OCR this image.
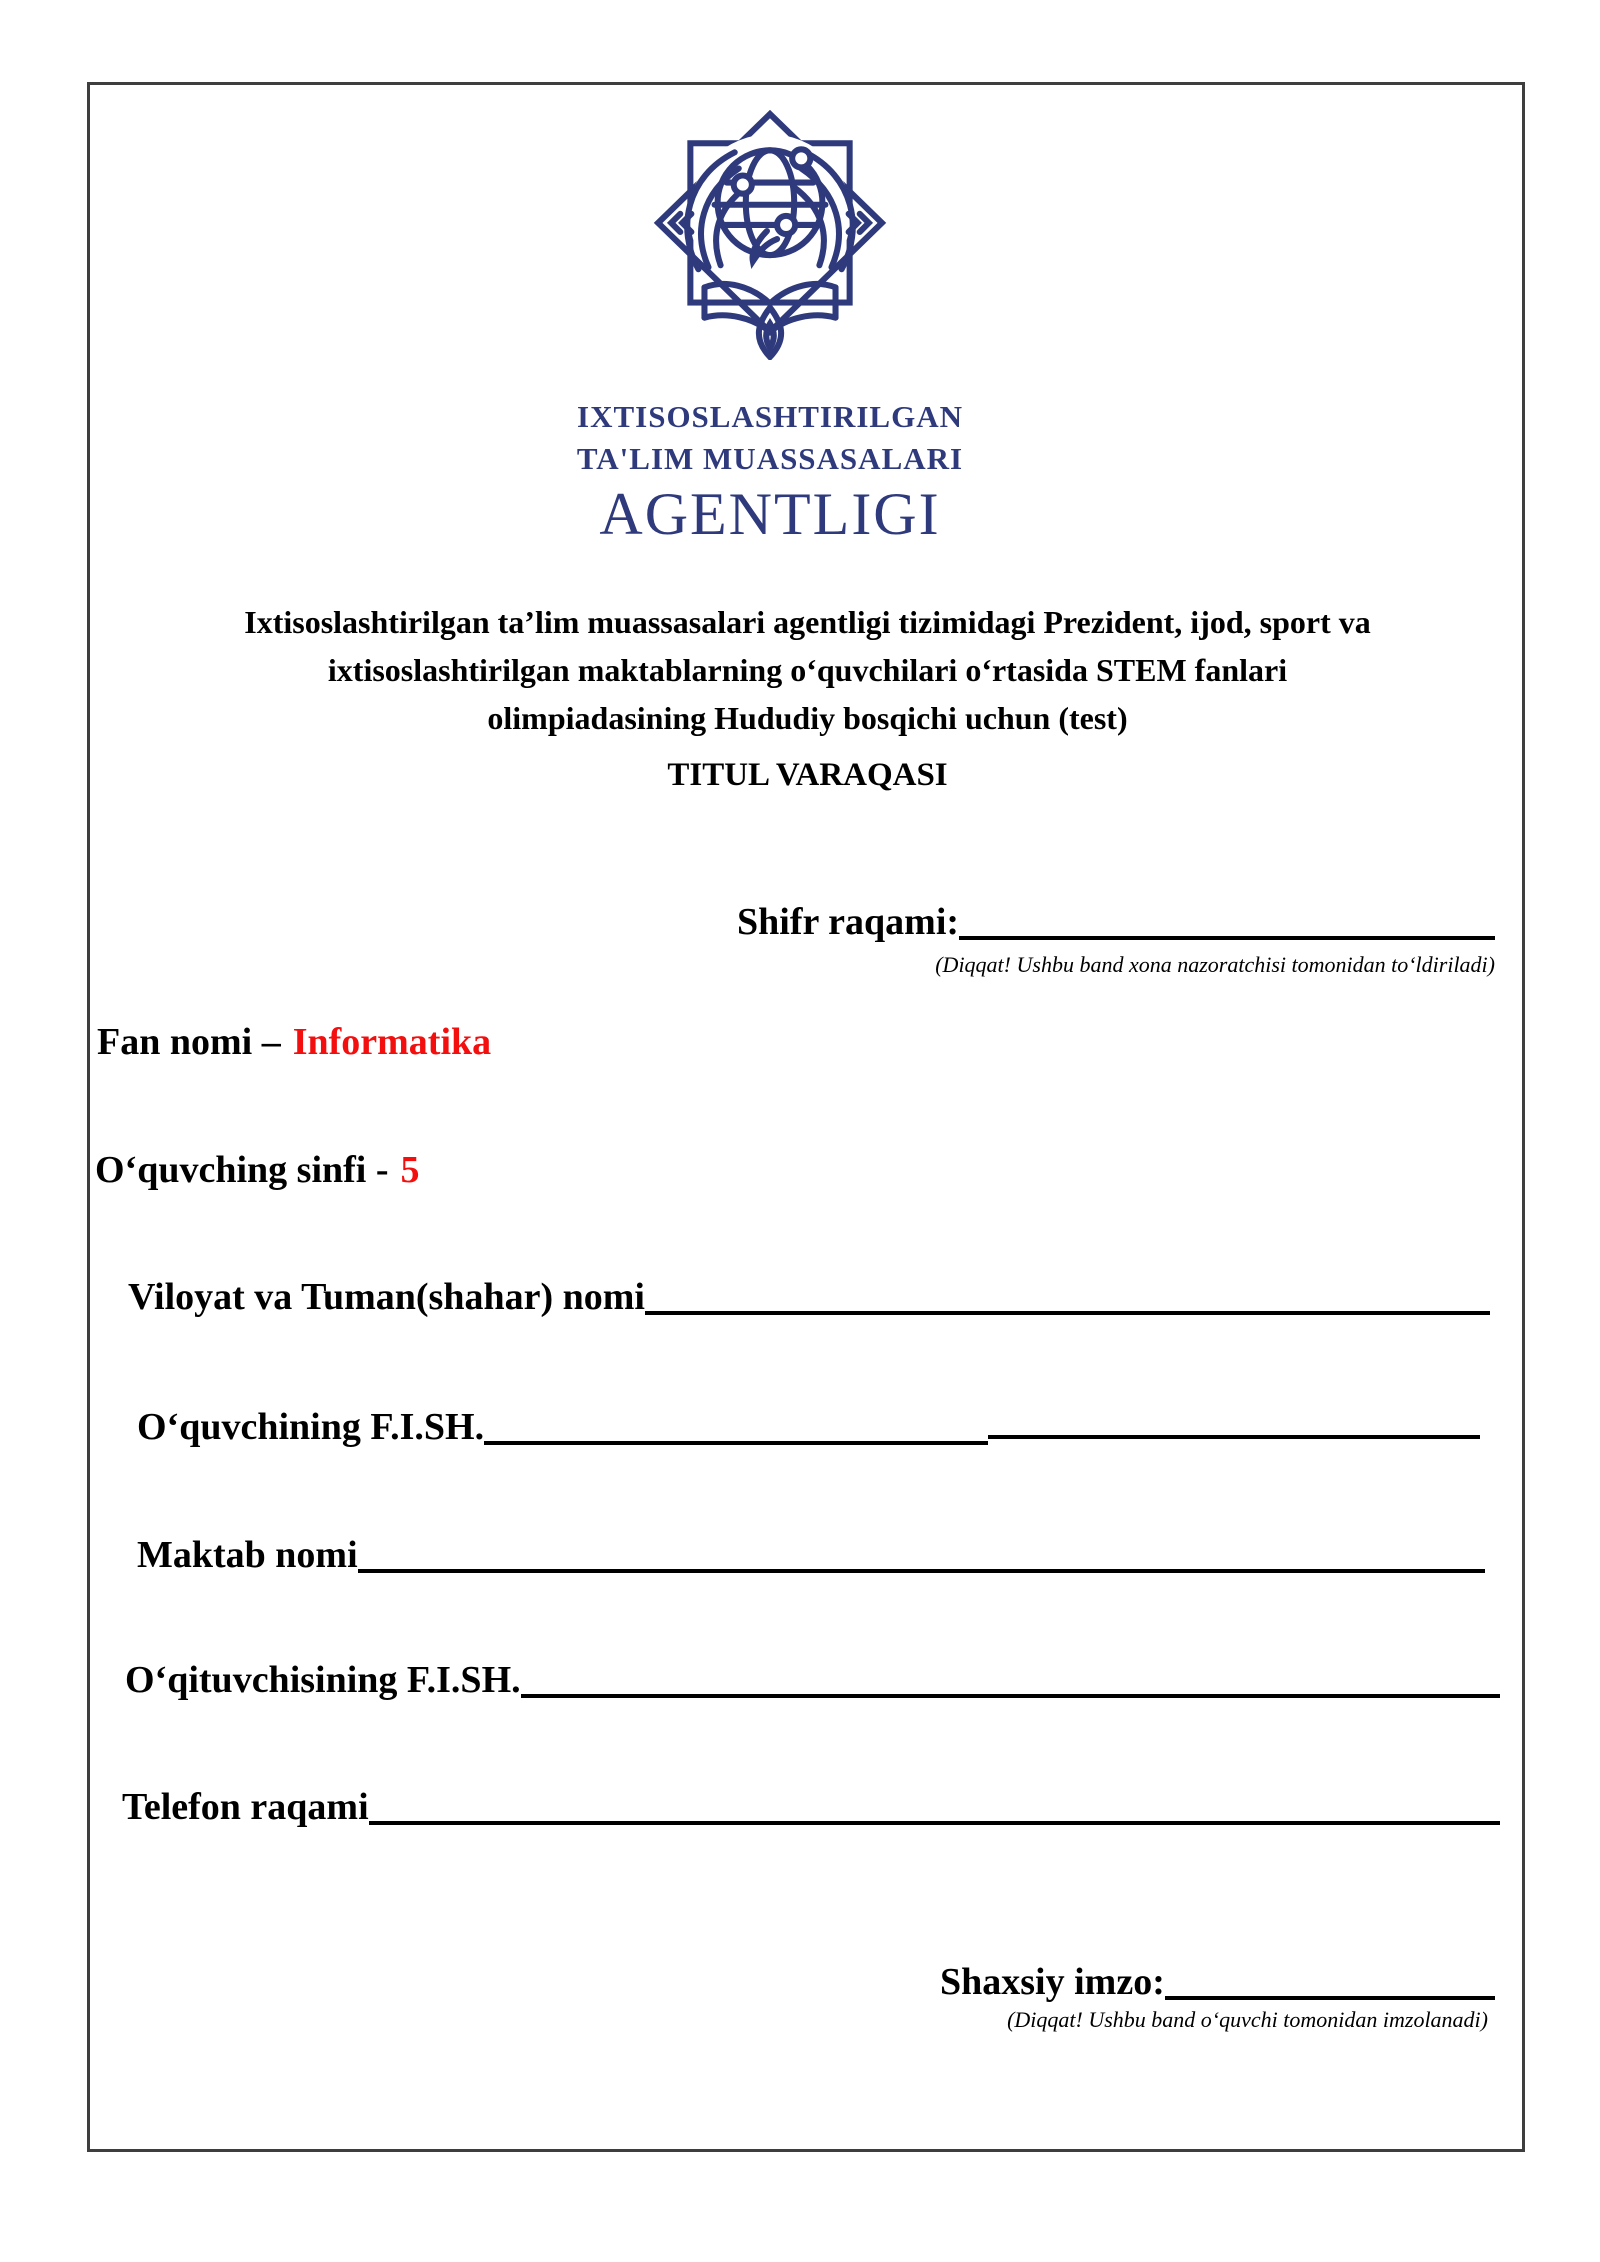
IXTISOSLASHTIRILGAN
TA'LIM MUASSASALARI
AGENTLIGI
Ixtisoslashtirilgan ta’lim muassasalari agentligi tizimidagi Prezident, ijod, sport va
ixtisoslashtirilgan maktablarning oʻquvchilari oʻrtasida STEM fanlari
olimpiadasining Hududiy bosqichi uchun (test)
TITUL VARAQASI
Shifr raqami:
(Diqqat! Ushbu band xona nazoratchisi tomonidan toʻldiriladi)
Fan nomi – Informatika
Oʻquvching sinfi - 5
Viloyat va Tuman(shahar) nomi
Oʻquvchining F.I.SH.
Maktab nomi
Oʻqituvchisining F.I.SH.
Telefon raqami
Shaxsiy imzo:
(Diqqat! Ushbu band oʻquvchi tomonidan imzolanadi)
